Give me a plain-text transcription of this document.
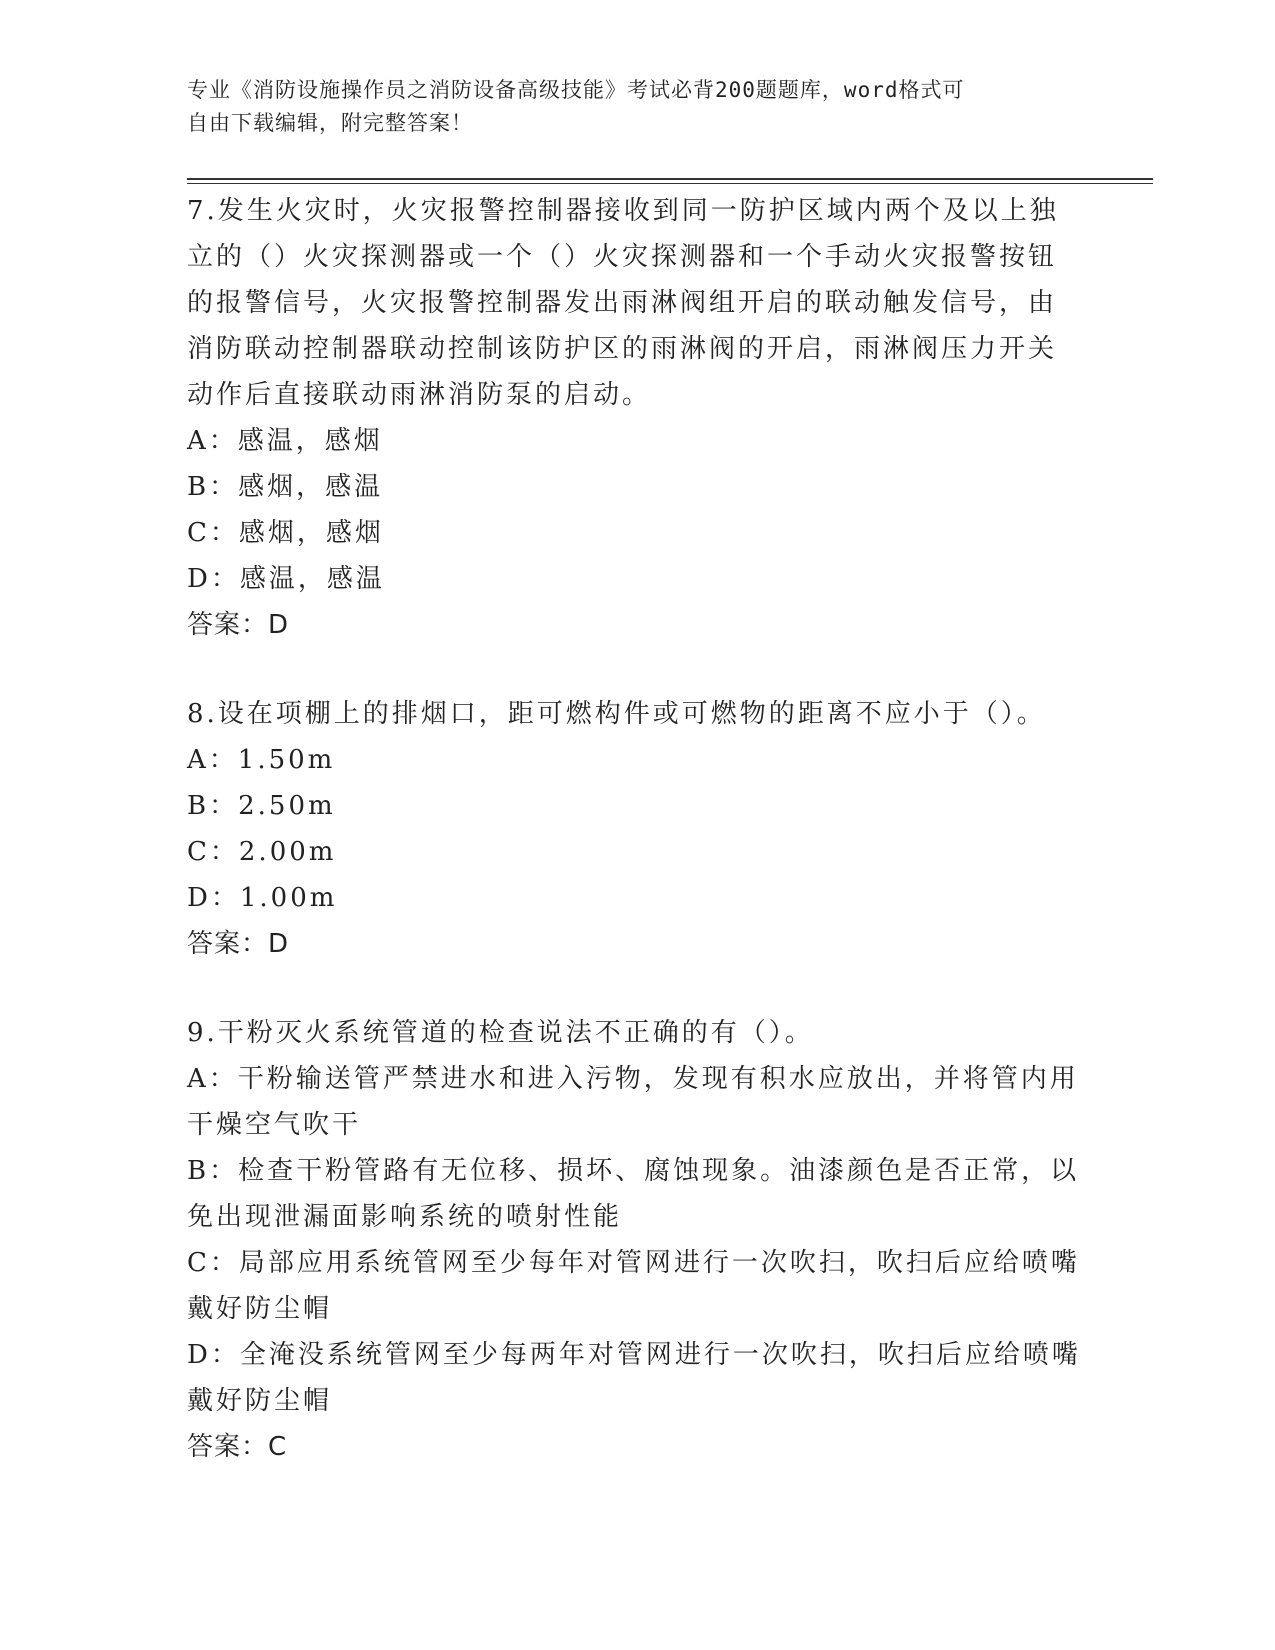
专业《消防设施操作员之消防设备高级技能》考试必背200题题库，word格式可

自由下载编辑，附完整答案！

7.发生火灾时，火灾报警控制器接收到同一防护区域内两个及以上独立的（）火灾探测器或一个（）火灾探测器和一个手动火灾报警按钮的报警信号，火灾报警控制器发出雨淋阀组开启的联动触发信号，由消防联动控制器联动控制该防护区的雨淋阀的开启，雨淋阀压力开关动作后直接联动雨淋消防泵的启动。

A：感温，感烟

B：感烟，感温

C：感烟，感烟

D：感温，感温

答案：D

8.设在项棚上的排烟口，距可燃构件或可燃物的距离不应小于（）。

A：1.50m

B：2.50m

C：2.00m

D：1.00m

答案：D

9.干粉灭火系统管道的检查说法不正确的有（）。

A：干粉输送管严禁进水和进入污物，发现有积水应放出，并将管内用干燥空气吹干

B：检查干粉管路有无位移、损坏、腐蚀现象。油漆颜色是否正常，以免出现泄漏面影响系统的喷射性能

C：局部应用系统管网至少每年对管网进行一次吹扫，吹扫后应给喷嘴戴好防尘帽

D：全淹没系统管网至少每两年对管网进行一次吹扫，吹扫后应给喷嘴戴好防尘帽

答案：C
